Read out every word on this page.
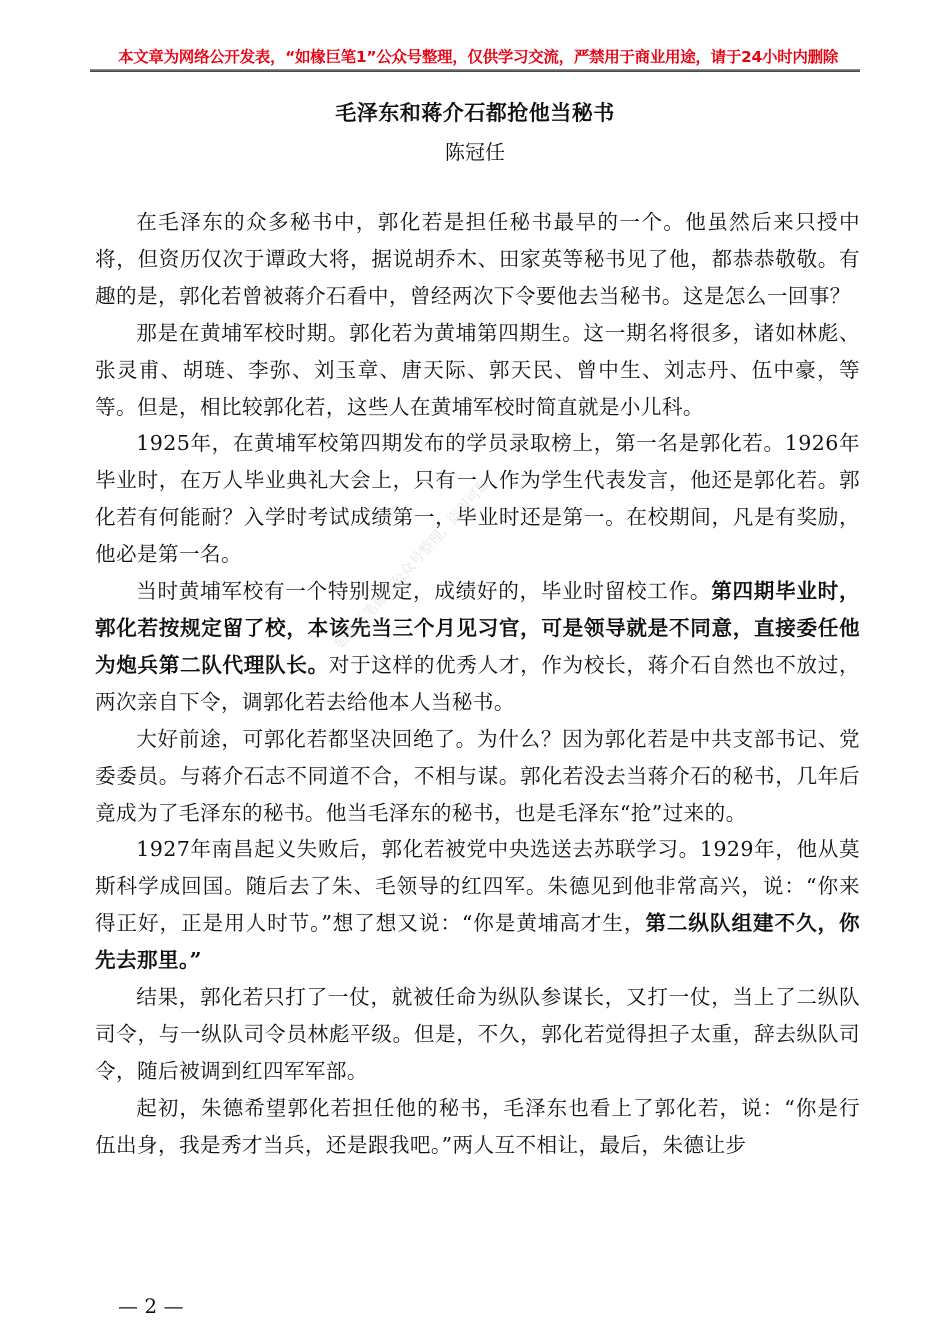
本文章为网络公开发表，“如椽巨笔1”公众号整理，仅供学习交流，严禁用于商业用途，请于24小时内删除
毛泽东和蒋介石都抢他当秘书
陈冠任

在毛泽东的众多秘书中，郭化若是担任秘书最早的一个。他虽然后来只授中将，但资历仅次于谭政大将，据说胡乔木、田家英等秘书见了他，都恭恭敬敬。有趣的是，郭化若曾被蒋介石看中，曾经两次下令要他去当秘书。这是怎么一回事？

那是在黄埔军校时期。郭化若为黄埔第四期生。这一期名将很多，诸如林彪、张灵甫、胡琏、李弥、刘玉章、唐天际、郭天民、曾中生、刘志丹、伍中豪，等等。但是，相比较郭化若，这些人在黄埔军校时简直就是小儿科。

1925年，在黄埔军校第四期发布的学员录取榜上，第一名是郭化若。1926年毕业时，在万人毕业典礼大会上，只有一人作为学生代表发言，他还是郭化若。郭化若有何能耐？入学时考试成绩第一，毕业时还是第一。在校期间，凡是有奖励，他必是第一名。

当时黄埔军校有一个特别规定，成绩好的，毕业时留校工作。第四期毕业时，郭化若按规定留了校，本该先当三个月见习官，可是领导就是不同意，直接委任他为炮兵第二队代理队长。对于这样的优秀人才，作为校长，蒋介石自然也不放过，两次亲自下令，调郭化若去给他本人当秘书。

大好前途，可郭化若都坚决回绝了。为什么？因为郭化若是中共支部书记、党委委员。与蒋介石志不同道不合，不相与谋。郭化若没去当蒋介石的秘书，几年后竟成为了毛泽东的秘书。他当毛泽东的秘书，也是毛泽东“抢”过来的。

1927年南昌起义失败后，郭化若被党中央选送去苏联学习。1929年，他从莫斯科学成回国。随后去了朱、毛领导的红四军。朱德见到他非常高兴，说：“你来得正好，正是用人时节。”想了想又说：“你是黄埔高才生，第二纵队组建不久，你先去那里。”

结果，郭化若只打了一仗，就被任命为纵队参谋长，又打一仗，当上了二纵队司令，与一纵队司令员林彪平级。但是，不久，郭化若觉得担子太重，辞去纵队司令，随后被调到红四军军部。

起初，朱德希望郭化若担任他的秘书，毛泽东也看上了郭化若，说：“你是行伍出身，我是秀才当兵，还是跟我吧。”两人互不相让，最后，朱德让步

如椽巨笔微信公众号整理，盗用可耻
— 2 —
